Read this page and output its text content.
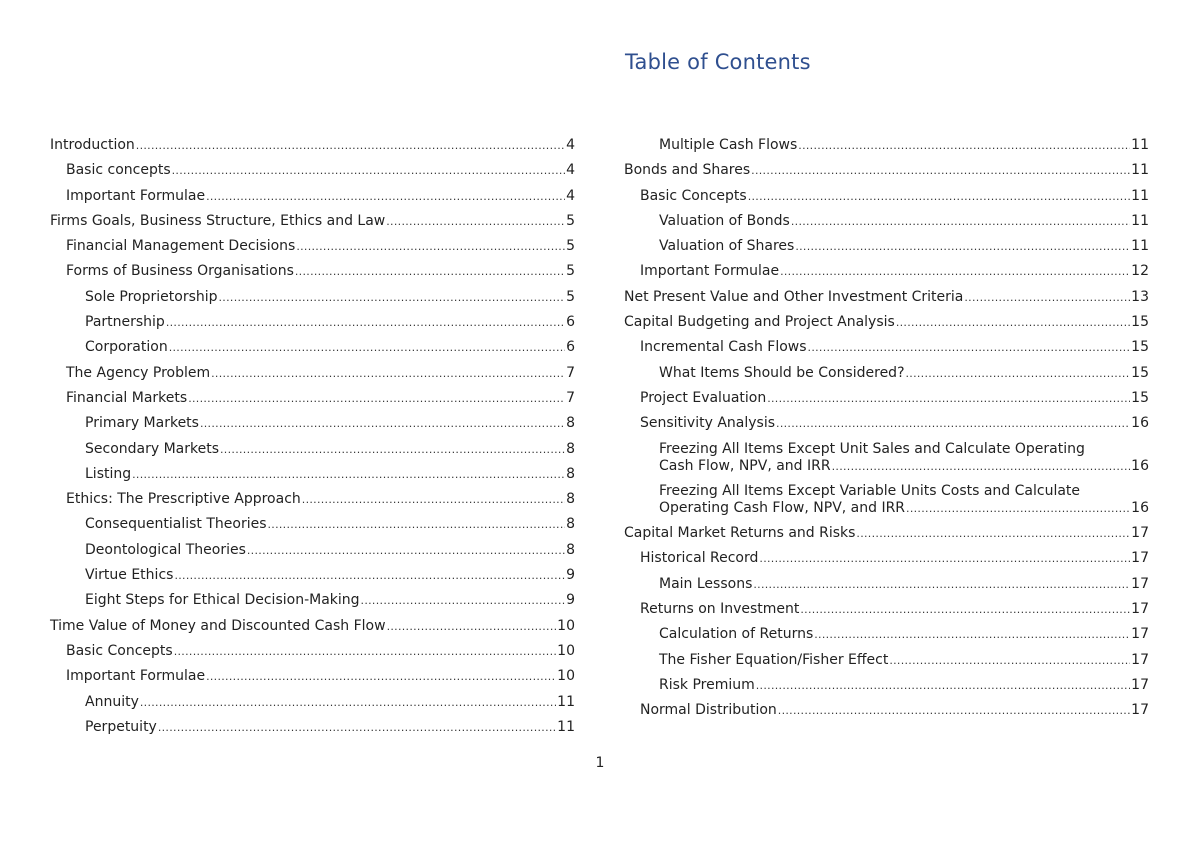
Table of Contents
Introduction .....	4
Basic concepts .....	4
Important Formulae .....	4
Firms Goals, Business Structure, Ethics and Law .....	5
Financial Management Decisions .....	5
Forms of Business Organisations .....	5
Sole Proprietorship .....	5
Partnership .....	6
Corporation .....	6
The Agency Problem .....	7
Financial Markets .....	7
Primary Markets .....	8
Secondary Markets .....	8
Listing .....	8
Ethics: The Prescriptive Approach .....	8
Consequentialist Theories .....	8
Deontological Theories .....	8
Virtue Ethics .....	9
Eight Steps for Ethical Decision-Making .....	9
Time Value of Money and Discounted Cash Flow .....	10
Basic Concepts .....	10
Important Formulae .....	10
Annuity .....	11
Perpetuity .....	11
Multiple Cash Flows .....	11
Bonds and Shares .....	11
Basic Concepts .....	11
Valuation of Bonds .....	11
Valuation of Shares .....	11
Important Formulae .....	12
Net Present Value and Other Investment Criteria .....	13
Capital Budgeting and Project Analysis .....	15
Incremental Cash Flows .....	15
What Items Should be Considered? .....	15
Project Evaluation .....	15
Sensitivity Analysis .....	16
Freezing All Items Except Unit Sales and Calculate Operating
Cash Flow, NPV, and IRR .....	16
Freezing All Items Except Variable Units Costs and Calculate
Operating Cash Flow, NPV, and IRR .....	16
Capital Market Returns and Risks .....	17
Historical Record .....	17
Main Lessons .....	17
Returns on Investment .....	17
Calculation of Returns .....	17
The Fisher Equation/Fisher Effect .....	17
Risk Premium .....	17
Normal Distribution .....	17
1
